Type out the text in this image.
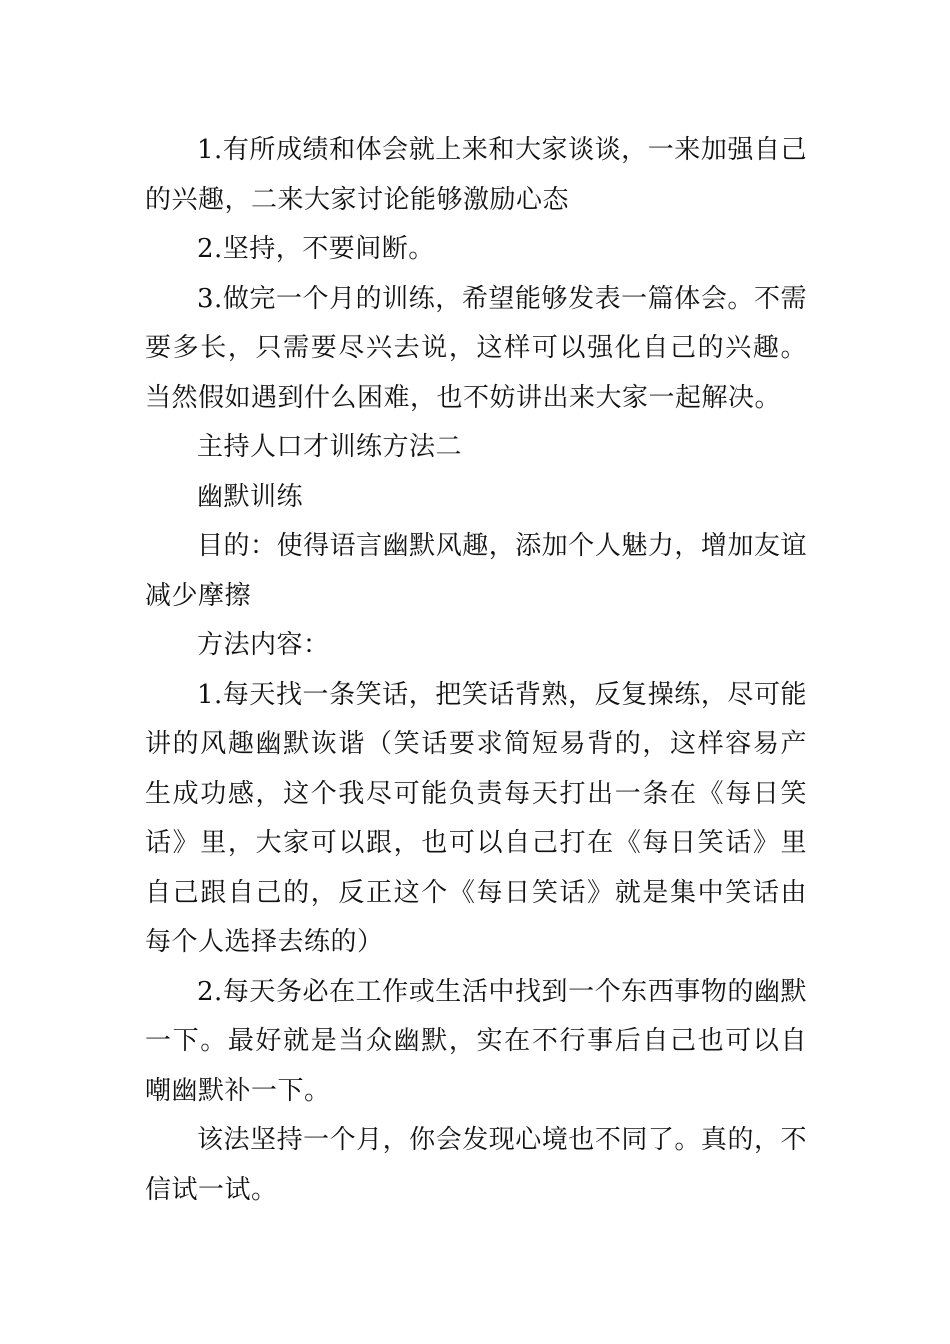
1.有所成绩和体会就上来和大家谈谈，一来加强自己的兴趣，二来大家讨论能够激励心态

2.坚持，不要间断。

3.做完一个月的训练，希望能够发表一篇体会。不需要多长，只需要尽兴去说，这样可以强化自己的兴趣。当然假如遇到什么困难，也不妨讲出来大家一起解决。

主持人口才训练方法二

幽默训练

目的：使得语言幽默风趣，添加个人魅力，增加友谊减少摩擦

方法内容：

1.每天找一条笑话，把笑话背熟，反复操练，尽可能讲的风趣幽默诙谐（笑话要求简短易背的，这样容易产生成功感，这个我尽可能负责每天打出一条在《每日笑话》里，大家可以跟，也可以自己打在《每日笑话》里自己跟自己的，反正这个《每日笑话》就是集中笑话由每个人选择去练的）

2.每天务必在工作或生活中找到一个东西事物的幽默一下。最好就是当众幽默，实在不行事后自己也可以自嘲幽默补一下。

该法坚持一个月，你会发现心境也不同了。真的，不信试一试。
